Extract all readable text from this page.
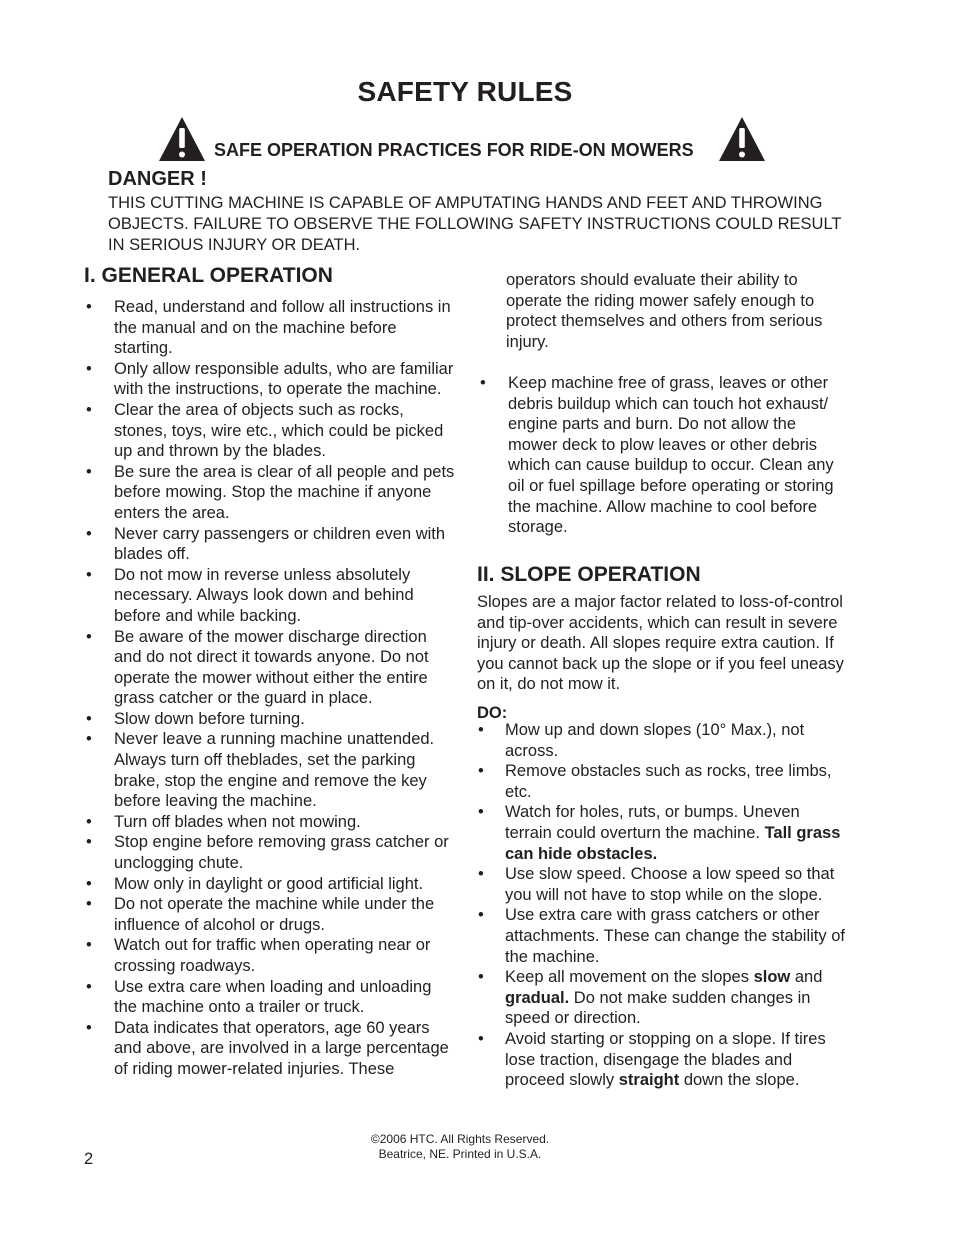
SAFETY RULES
SAFE OPERATION PRACTICES FOR RIDE-ON MOWERS
DANGER !
THIS CUTTING MACHINE IS CAPABLE OF AMPUTATING HANDS AND FEET AND THROWING OBJECTS. FAILURE TO OBSERVE THE FOLLOWING SAFETY INSTRUCTIONS COULD RESULT IN SERIOUS INJURY OR DEATH.
I. GENERAL OPERATION
• Read, understand and follow all instructions in the manual and on the machine before starting.
• Only allow responsible adults, who are familiar with the instructions, to operate the machine.
• Clear the area of objects such as rocks, stones, toys, wire etc., which could be picked up and thrown by the blades.
• Be sure the area is clear of all people and pets before mowing. Stop the machine if anyone enters the area.
• Never carry passengers or children even with blades off.
• Do not mow in reverse unless absolutely necessary. Always look down and behind before and while backing.
• Be aware of the mower discharge direction and do not direct it towards anyone. Do not operate the mower without either the entire grass catcher or the guard in place.
• Slow down before turning.
• Never leave a running machine unattended. Always turn off theblades, set the parking brake, stop the engine and remove the key before leaving the machine.
• Turn off blades when not mowing.
• Stop engine before removing grass catcher or unclogging chute.
• Mow only in daylight or good artificial light.
• Do not operate the machine while under the influence of alcohol or drugs.
• Watch out for traffic when operating near or crossing roadways.
• Use extra care when loading and unloading the machine onto a trailer or truck.
• Data indicates that operators, age 60 years and above, are involved in a large percentage of riding mower-related injuries. These
operators should evaluate their ability to operate the riding mower safely enough to protect themselves and others from serious injury.
• Keep machine free of grass, leaves or other debris buildup which can touch hot exhaust/ engine parts and burn. Do not allow the mower deck to plow leaves or other debris which can cause buildup to occur. Clean any oil or fuel spillage before operating or storing the machine. Allow machine to cool before storage.
II. SLOPE OPERATION
Slopes are a major factor related to loss-of-control and tip-over accidents, which can result in severe injury or death. All slopes require extra caution. If you cannot back up the slope or if you feel uneasy on it, do not mow it.
DO:
• Mow up and down slopes (10° Max.), not across.
• Remove obstacles such as rocks, tree limbs, etc.
• Watch for holes, ruts, or bumps. Uneven terrain could overturn the machine. Tall grass can hide obstacles.
• Use slow speed. Choose a low speed so that you will not have to stop while on the slope.
• Use extra care with grass catchers or other attachments. These can change the stability of the machine.
• Keep all movement on the slopes slow and gradual. Do not make sudden changes in speed or direction.
• Avoid starting or stopping on a slope. If tires lose traction, disengage the blades and proceed slowly straight down the slope.
©2006 HTC. All Rights Reserved.
Beatrice, NE. Printed in U.S.A.
2
